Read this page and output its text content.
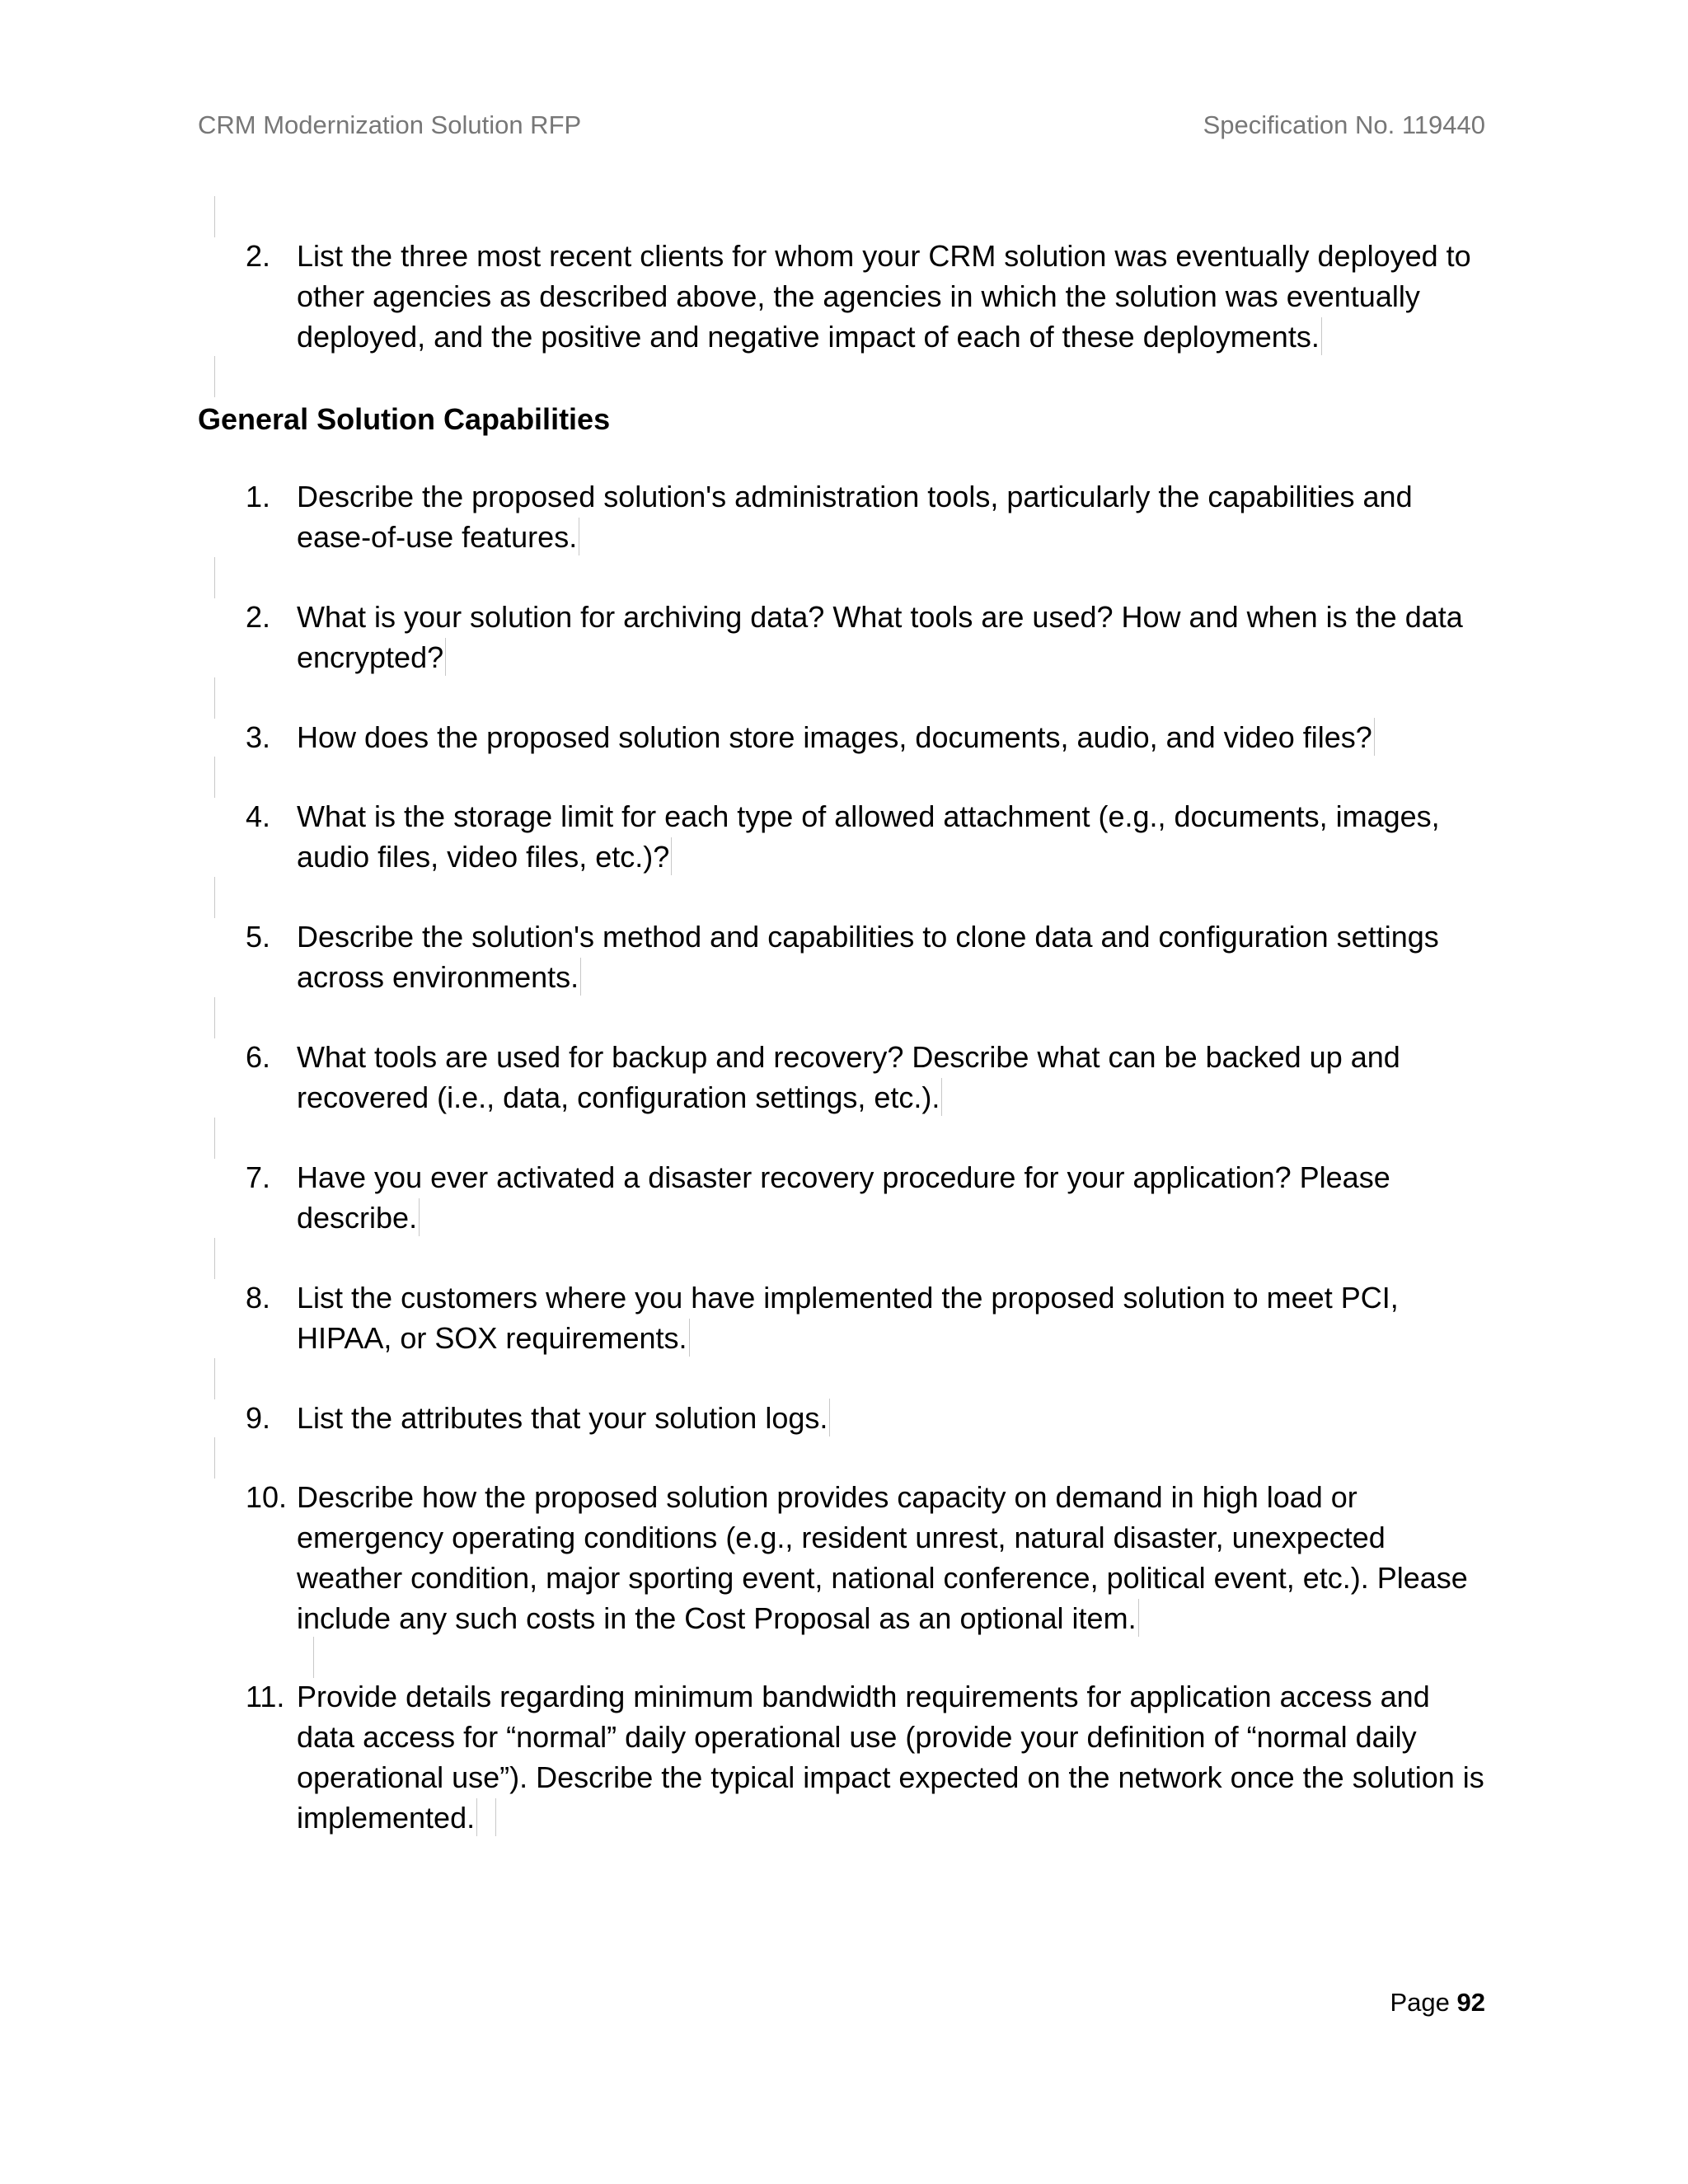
CRM Modernization Solution RFP	Specification No. 119440
2. List the three most recent clients for whom your CRM solution was eventually deployed to other agencies as described above, the agencies in which the solution was eventually deployed, and the positive and negative impact of each of these deployments.
General Solution Capabilities
1. Describe the proposed solution's administration tools, particularly the capabilities and ease-of-use features.
2. What is your solution for archiving data? What tools are used? How and when is the data encrypted?
3. How does the proposed solution store images, documents, audio, and video files?
4. What is the storage limit for each type of allowed attachment (e.g., documents, images, audio files, video files, etc.)?
5. Describe the solution's method and capabilities to clone data and configuration settings across environments.
6. What tools are used for backup and recovery? Describe what can be backed up and recovered (i.e., data, configuration settings, etc.).
7. Have you ever activated a disaster recovery procedure for your application? Please describe.
8. List the customers where you have implemented the proposed solution to meet PCI, HIPAA, or SOX requirements.
9. List the attributes that your solution logs.
10. Describe how the proposed solution provides capacity on demand in high load or emergency operating conditions (e.g., resident unrest, natural disaster, unexpected weather condition, major sporting event, national conference, political event, etc.). Please include any such costs in the Cost Proposal as an optional item.
11. Provide details regarding minimum bandwidth requirements for application access and data access for “normal” daily operational use (provide your definition of “normal daily operational use”). Describe the typical impact expected on the network once the solution is implemented.
Page 92
